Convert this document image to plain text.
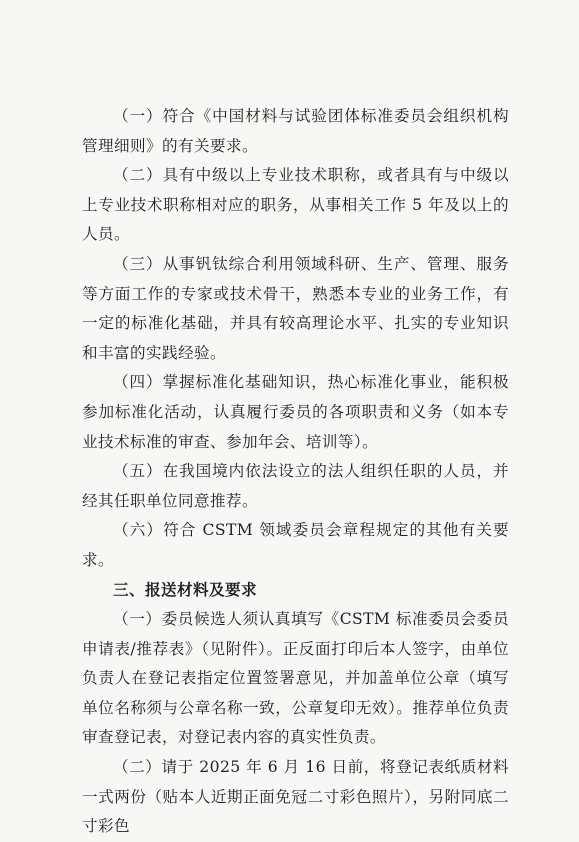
（一）符合《中国材料与试验团体标准委员会组织机构管理细则》的有关要求。

（二）具有中级以上专业技术职称，或者具有与中级以上专业技术职称相对应的职务，从事相关工作 5 年及以上的人员。

（三）从事钒钛综合利用领域科研、生产、管理、服务等方面工作的专家或技术骨干，熟悉本专业的业务工作，有一定的标准化基础，并具有较高理论水平、扎实的专业知识和丰富的实践经验。

（四）掌握标准化基础知识，热心标准化事业，能积极参加标准化活动，认真履行委员的各项职责和义务（如本专业技术标准的审查、参加年会、培训等）。

（五）在我国境内依法设立的法人组织任职的人员，并经其任职单位同意推荐。

（六）符合 CSTM 领域委员会章程规定的其他有关要求。

三、报送材料及要求

（一）委员候选人须认真填写《CSTM 标准委员会委员申请表/推荐表》（见附件）。正反面打印后本人签字，由单位负责人在登记表指定位置签署意见，并加盖单位公章（填写单位名称须与公章名称一致，公章复印无效）。推荐单位负责审查登记表，对登记表内容的真实性负责。

（二）请于 2025 年 6 月 16 日前，将登记表纸质材料一式两份（贴本人近期正面免冠二寸彩色照片），另附同底二寸彩色
